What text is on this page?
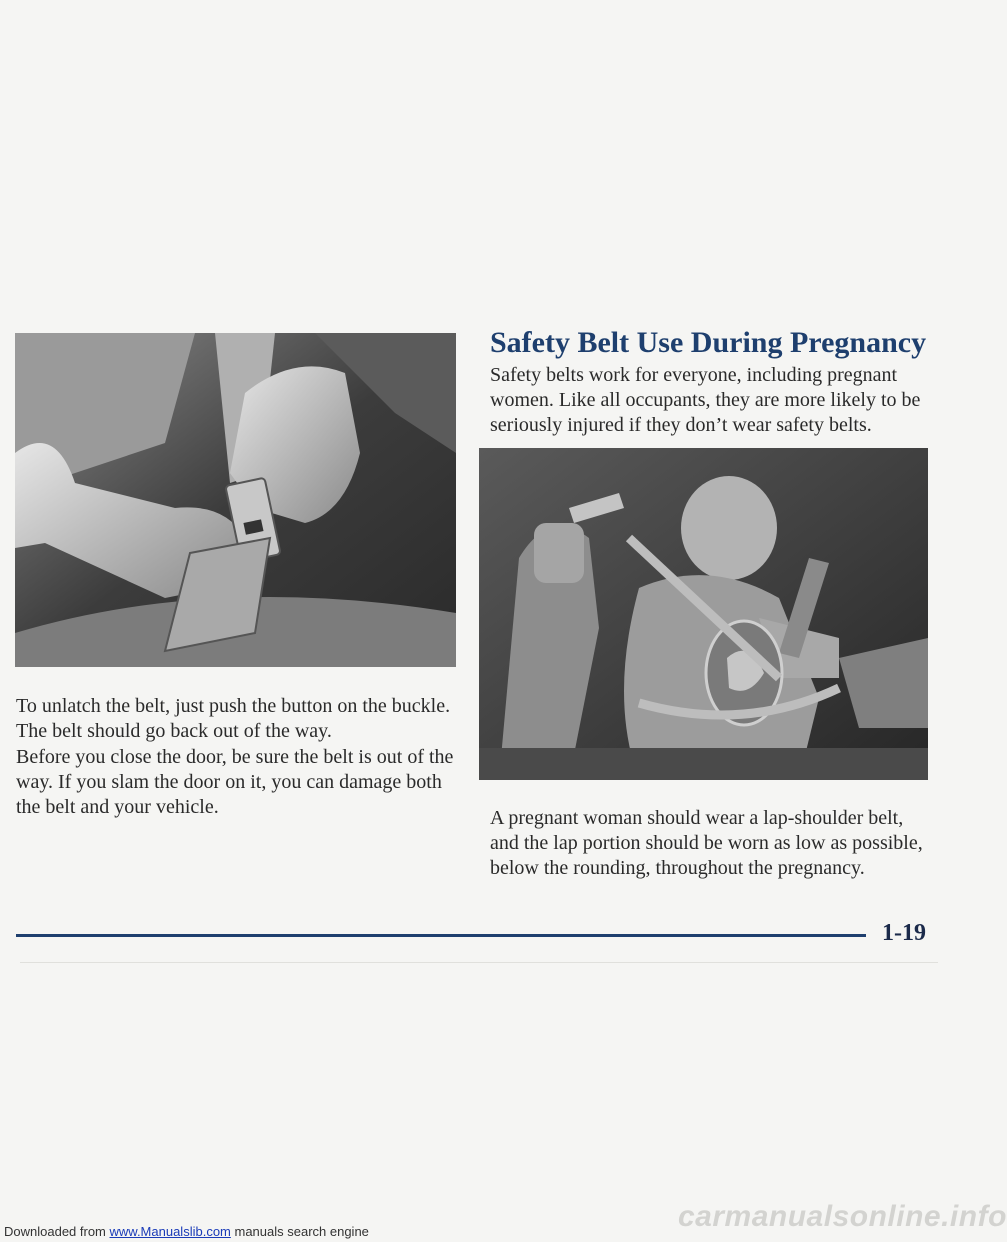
To unlatch the belt, just push the button on the buckle. The belt should go back out of the way.

Before you close the door, be sure the belt is out of the way. If you slam the door on it, you can damage both the belt and your vehicle.

Safety Belt Use During Pregnancy

Safety belts work for everyone, including pregnant women. Like all occupants, they are more likely to be seriously injured if they don’t wear safety belts.

A pregnant woman should wear a lap-shoulder belt, and the lap portion should be worn as low as possible, below the rounding, throughout the pregnancy.

1-19
carmanualsonline.info
Downloaded from www.Manualslib.com manuals search engine
